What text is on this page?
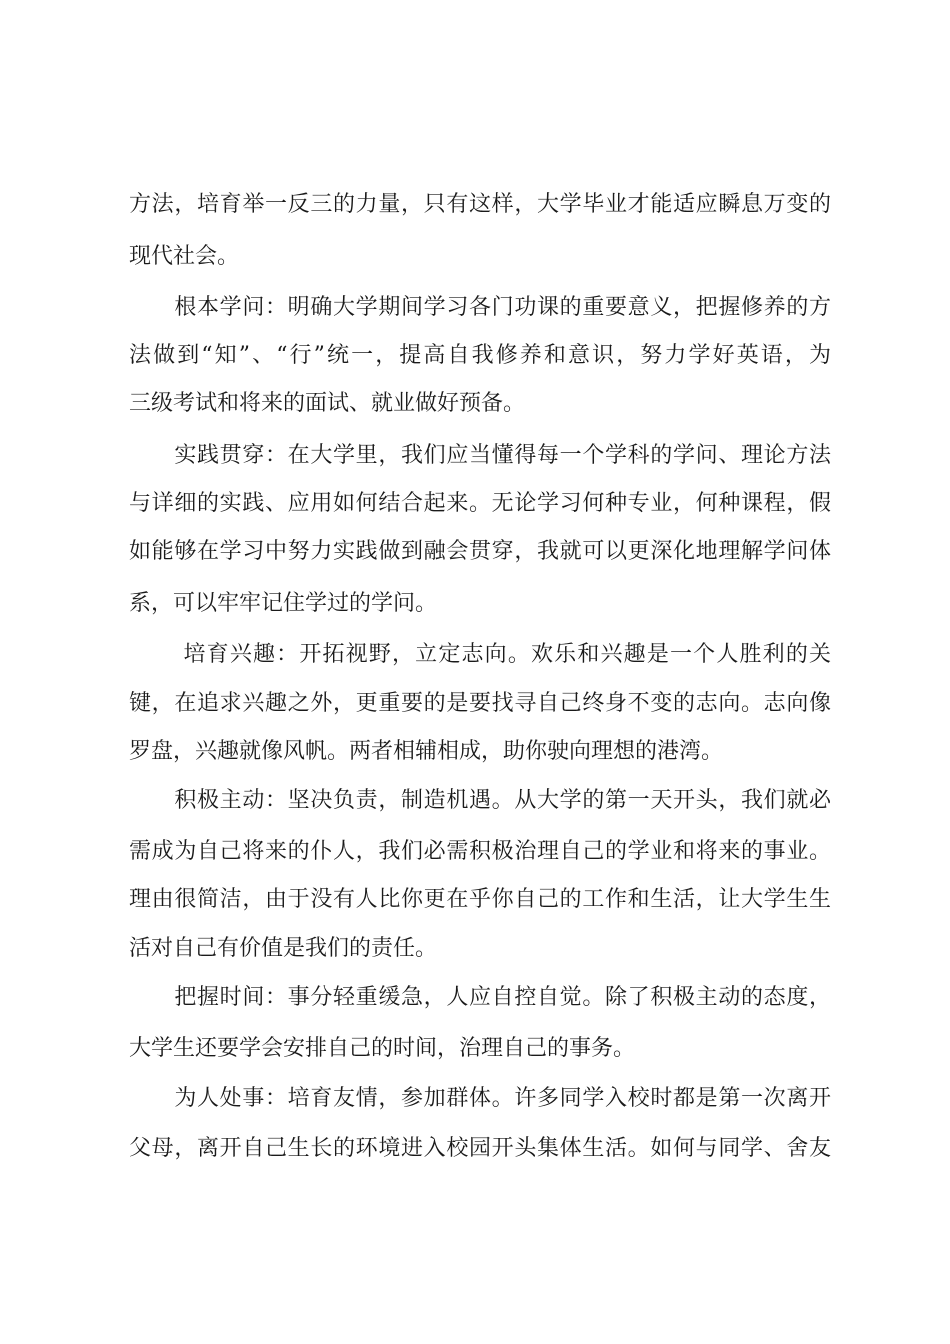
方法，培育举一反三的力量，只有这样，大学毕业才能适应瞬息万变的
现代社会。
　　根本学问：明确大学期间学习各门功课的重要意义，把握修养的方
法做到“知”、“行”统一，提高自我修养和意识，努力学好英语，为
三级考试和将来的面试、就业做好预备。
　　实践贯穿：在大学里，我们应当懂得每一个学科的学问、理论方法
与详细的实践、应用如何结合起来。无论学习何种专业，何种课程，假
如能够在学习中努力实践做到融会贯穿，我就可以更深化地理解学问体
系，可以牢牢记住学过的学问。
　　 培育兴趣：开拓视野，立定志向。欢乐和兴趣是一个人胜利的关
键，在追求兴趣之外，更重要的是要找寻自己终身不变的志向。志向像
罗盘，兴趣就像风帆。两者相辅相成，助你驶向理想的港湾。
　　积极主动：坚决负责，制造机遇。从大学的第一天开头，我们就必
需成为自己将来的仆人，我们必需积极治理自己的学业和将来的事业。
理由很简洁，由于没有人比你更在乎你自己的工作和生活，让大学生生
活对自己有价值是我们的责任。
　　把握时间：事分轻重缓急，人应自控自觉。除了积极主动的态度，
大学生还要学会安排自己的时间，治理自己的事务。
　　为人处事：培育友情，参加群体。许多同学入校时都是第一次离开
父母，离开自己生长的环境进入校园开头集体生活。如何与同学、舍友
